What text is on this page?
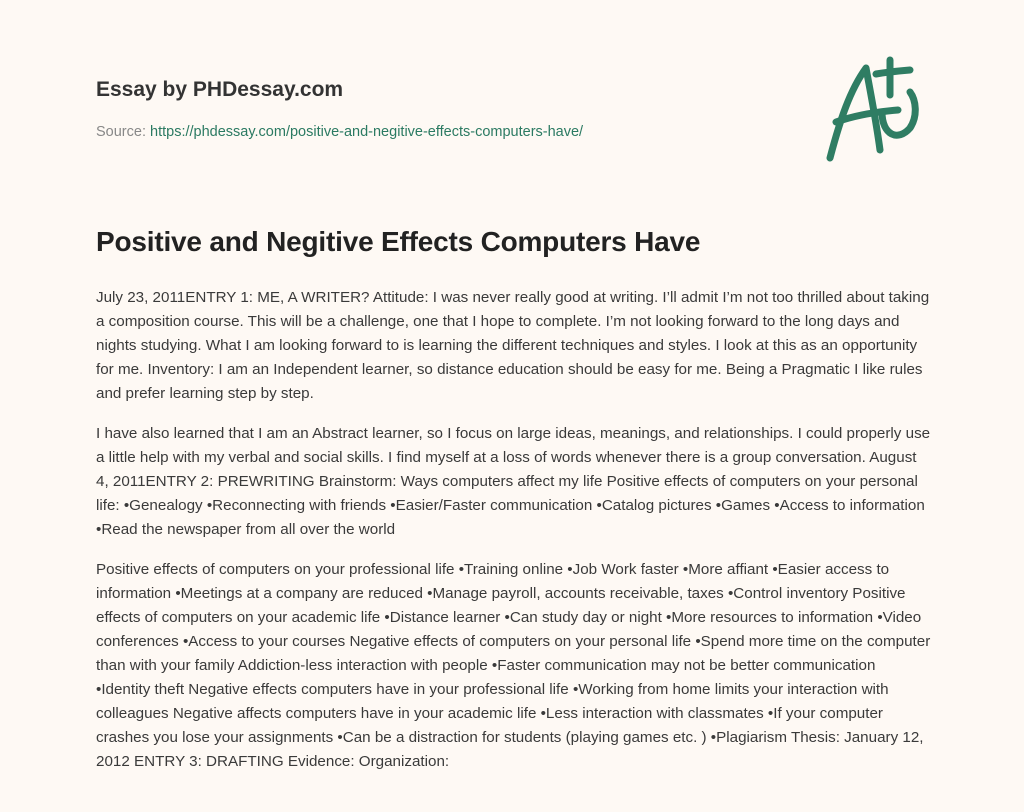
Essay by PHDessay.com

Source: https://phdessay.com/positive-and-negitive-effects-computers-have/
Positive and Negitive Effects Computers Have

July 23, 2011ENTRY 1: ME, A WRITER? Attitude: I was never really good at writing. I’ll admit I’m not too thrilled about taking a composition course. This will be a challenge, one that I hope to complete. I’m not looking forward to the long days and nights studying. What I am looking forward to is learning the different techniques and styles. I look at this as an opportunity for me. Inventory: I am an Independent learner, so distance education should be easy for me. Being a Pragmatic I like rules and prefer learning step by step.

I have also learned that I am an Abstract learner, so I focus on large ideas, meanings, and relationships. I could properly use a little help with my verbal and social skills. I find myself at a loss of words whenever there is a group conversation. August 4, 2011ENTRY 2: PREWRITING Brainstorm: Ways computers affect my life Positive effects of computers on your personal life: •Genealogy •Reconnecting with friends •Easier/Faster communication •Catalog pictures •Games •Access to information •Read the newspaper from all over the world

Positive effects of computers on your professional life •Training online •Job Work faster •More affiant •Easier access to information •Meetings at a company are reduced •Manage payroll, accounts receivable, taxes •Control inventory Positive effects of computers on your academic life •Distance learner •Can study day or night •More resources to information •Video conferences •Access to your courses Negative effects of computers on your personal life •Spend more time on the computer than with your family Addiction-less interaction with people •Faster communication may not be better communication •Identity theft Negative effects computers have in your professional life •Working from home limits your interaction with colleagues Negative affects computers have in your academic life •Less interaction with classmates •If your computer crashes you lose your assignments •Can be a distraction for students (playing games etc. ) •Plagiarism Thesis: January 12, 2012 ENTRY 3: DRAFTING Evidence: Organization:
